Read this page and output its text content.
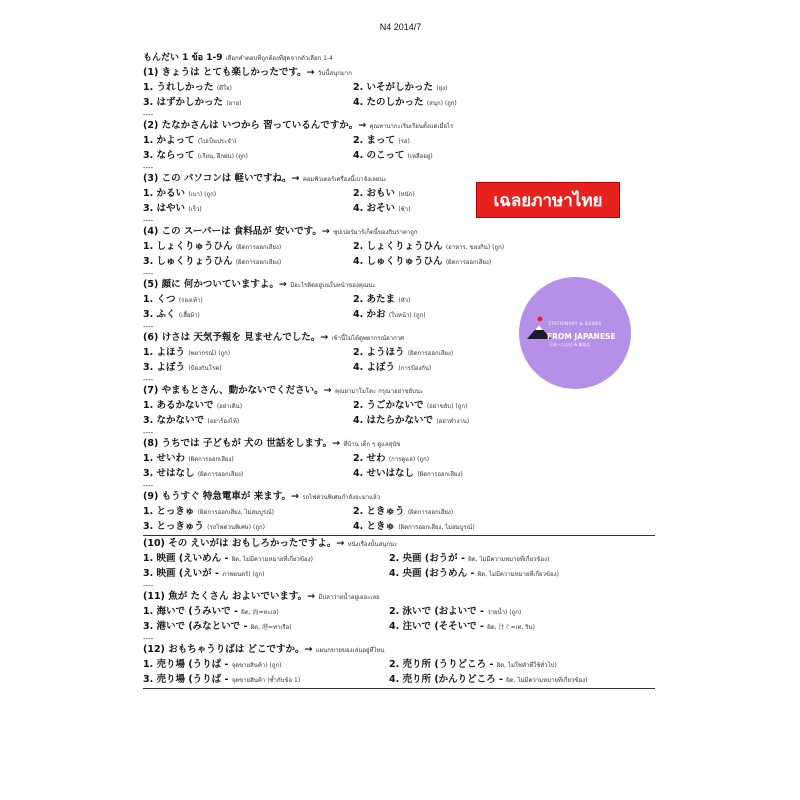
N4 2014/7
もんだい 1 ข้อ 1-9 เลือกคำตอบที่ถูกต้องที่สุดจากตัวเลือก 1-4
(1) きょうは とても楽しかったです。→ วันนี้สนุกมาก
1. うれしかった (ดีใจ)	2. いそがしかった (ยุ่ง)
3. はずかしかった (อาย)	4. たのしかった (สนุก) (ถูก)
----
(2) たなかさんは いつから 習っているんですか。→ คุณทานากะเริ่มเรียนตั้งแต่เมื่อไร
1. かよって (ไปเป็นประจำ)	2. まって (รอ)
3. ならって (เรียน, ฝึกฝน) (ถูก)	4. のこって (เหลืออยู่)
----
(3) この パソコンは 軽いですね。→ คอมพิวเตอร์เครื่องนี้เบาจังเลยนะ
1. かるい (เบา) (ถูก)	2. おもい (หนัก)
3. はやい (เร็ว)	4. おそい (ช้า)
----
(4) この スーパーは 食料品が 安いです。→ ซุปเปอร์มาร์เก็ตนี้ของกินราคาถูก
1. しょくりゅうひん (ผิดการออกเสียง)	2. しょくりょうひん (อาหาร, ของกิน) (ถูก)
3. しゅくりょうひん (ผิดการออกเสียง)	4. しゅくりゅうひん (ผิดการออกเสียง)
----
(5) 顔に 何かついていますよ。→ มีอะไรติดอยู่บนใบหน้าของคุณนะ
1. くつ (รองเท้า)	2. あたま (หัว)
3. ふく (เสื้อผ้า)	4. かお (ใบหน้า) (ถูก)
----
(6) けさは 天気予報を 見ませんでした。→ เช้านี้ไม่ได้ดูพยากรณ์อากาศ
1. よほう (พยากรณ์) (ถูก)	2. ようほう (ผิดการออกเสียง)
3. よぼう (ป้องกันโรค)	4. よぼう (การป้องกัน)
----
(7) やまもとさん、動かないでください。→ คุณยามาโมโตะ กรุณาอย่าขยับนะ
1. あるかないで (อย่าเดิน)	2. うごかないで (อย่าขยับ) (ถูก)
3. なかないで (อย่าร้องไห้)	4. はたらかないで (อย่าทำงาน)
----
(8) うちでは 子どもが 犬の 世話をします。→ ที่บ้าน เด็ก ๆ ดูแลสุนัข
1. せいわ (ผิดการออกเสียง)	2. せわ (การดูแล) (ถูก)
3. せはなし (ผิดการออกเสียง)	4. せいはなし (ผิดการออกเสียง)
----
(9) もうすぐ 特急電車が 来ます。→ รถไฟด่วนพิเศษกำลังจะมาแล้ว
1. とっきゅ (ผิดการออกเสียง, ไม่สมบูรณ์)	2. ときゅう (ผิดการออกเสียง)
3. とっきゅう (รถไฟด่วนพิเศษ) (ถูก)	4. ときゅ (ผิดการออกเสียง, ไม่สมบูรณ์)
(10) その えいがは おもしろかったですよ。→ หนังเรื่องนั้นสนุกนะ
1. 映画 (えいめん - ผิด, ไม่มีความหมายที่เกี่ยวข้อง)	2. 央画 (おうが - ผิด, ไม่มีความหมายที่เกี่ยวข้อง)
3. 映画 (えいが - ภาพยนตร์) (ถูก)	4. 央画 (おうめん - ผิด, ไม่มีความหมายที่เกี่ยวข้อง)
----
(11) 魚が たくさん およいでいます。→ มีปลาว่ายน้ำอยู่เยอะเลย
1. 海いで (うみいで - ผิด, 海=ทะเล)	2. 泳いで (およいで - ว่ายน้ำ) (ถูก)
3. 港いで (みなといで - ผิด, 港=ท่าเรือ)	4. 注いで (そそいで - ผิด, 注ぐ=เท, ริน)
----
(12) おもちゃうりばは どこですか。→ แผนกขายของเล่นอยู่ที่ไหน
1. 売り場 (うりば - จุดขายสินค้า) (ถูก)	2. 売り所 (うりどころ - ผิด, ไม่ใช่คำที่ใช้ทั่วไป)
3. 売り場 (うりば - จุดขายสินค้า (ซ้ำกับข้อ 1)	4. 売り所 (かんりどころ - ผิด, ไม่มีความหมายที่เกี่ยวข้อง)
เฉลยภาษาไทย
STATIONARY & BOOKS
FROM JAPANESE
日本へのお店 & 雑貨店
